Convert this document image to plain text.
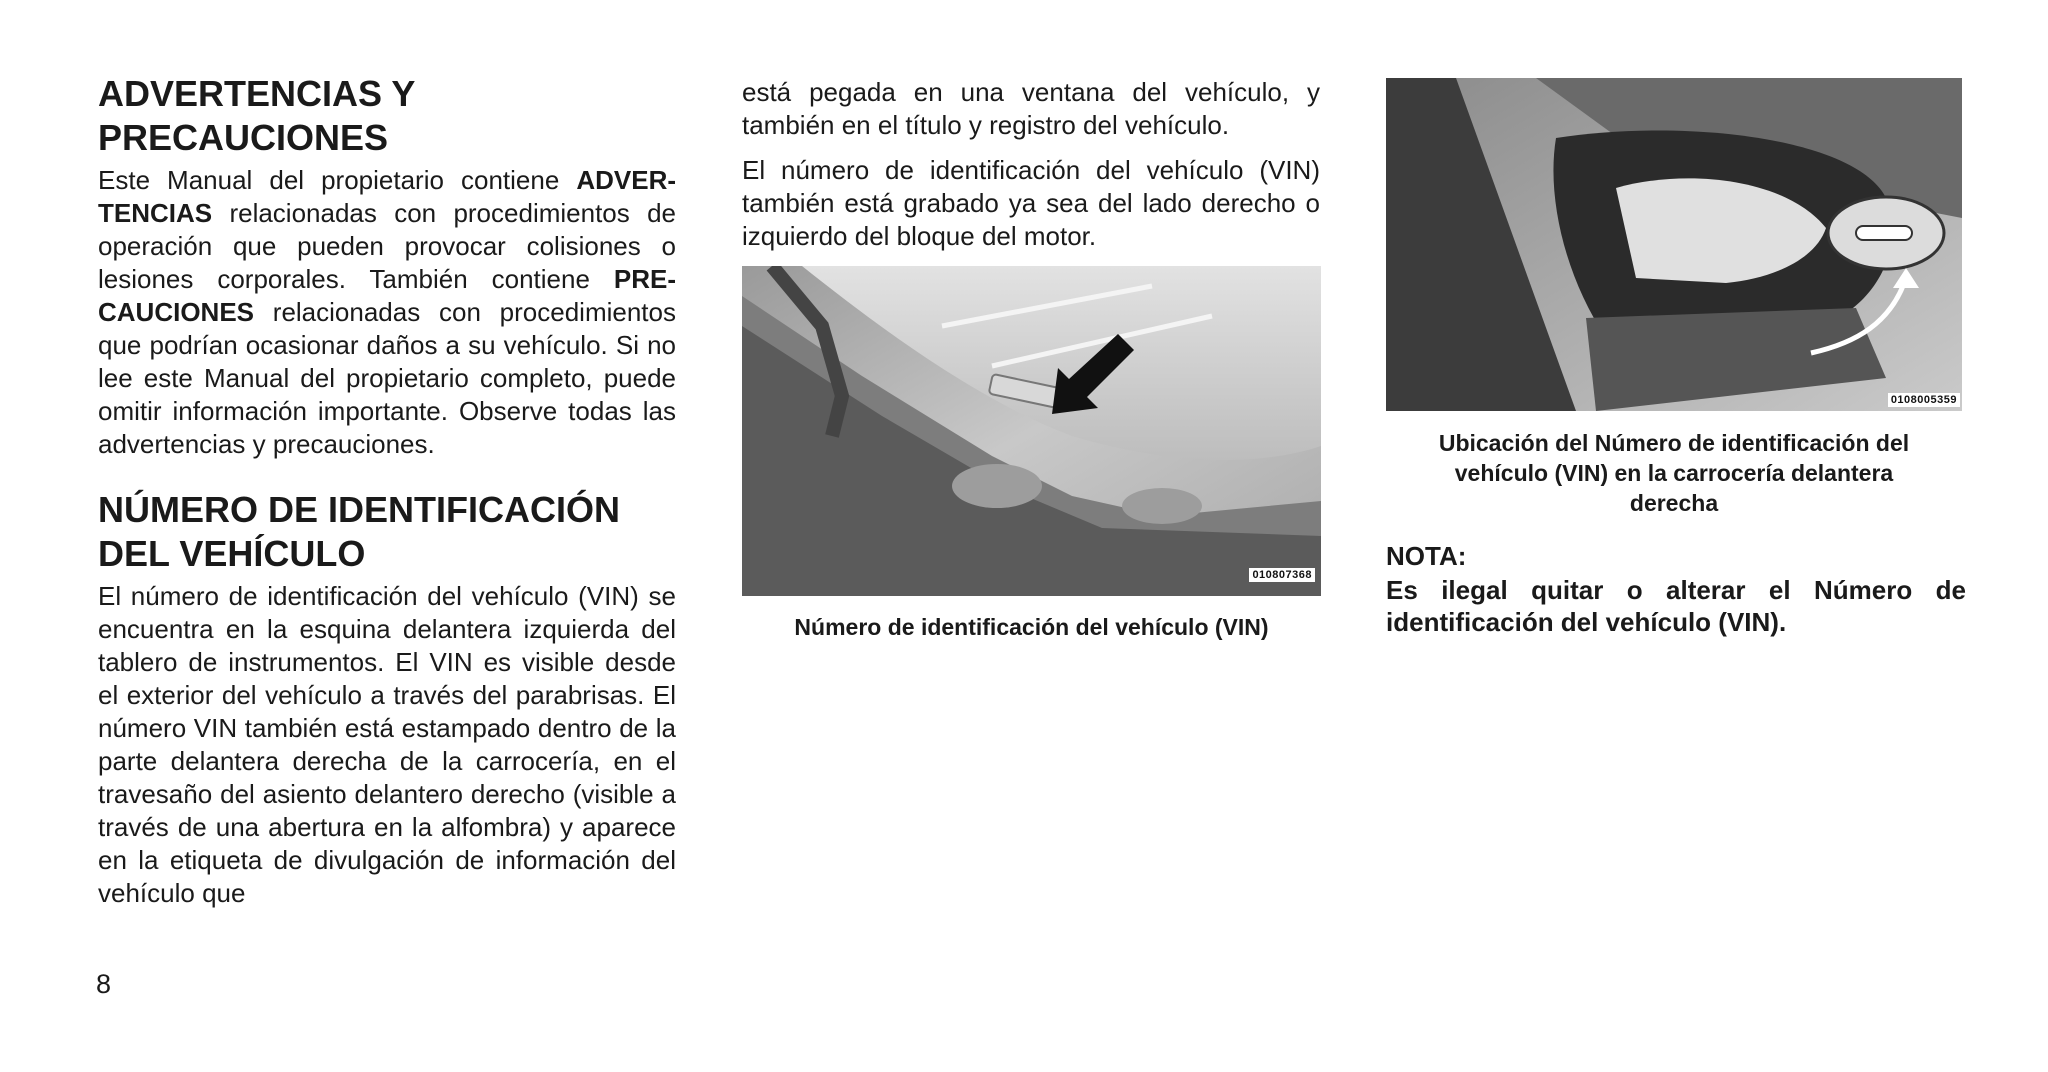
ADVERTENCIAS Y
PRECAUCIONES

Este Manual del propietario contiene ADVER-TENCIAS relacionadas con procedimientos de operación que pueden provocar colisiones o lesiones corporales. También contiene PRE-CAUCIONES relacionadas con procedimientos que podrían ocasionar daños a su vehículo. Si no lee este Manual del propietario completo, puede omitir información importante. Observe todas las advertencias y precauciones.

NÚMERO DE IDENTIFICACIÓN
DEL VEHÍCULO

El número de identificación del vehículo (VIN) se encuentra en la esquina delantera izquierda del tablero de instrumentos. El VIN es visible desde el exterior del vehículo a través del parabrisas. El número VIN también está estampado dentro de la parte delantera derecha de la carrocería, en el travesaño del asiento delantero derecho (visible a través de una abertura en la alfombra) y aparece en la etiqueta de divulgación de información del vehículo que

está pegada en una ventana del vehículo, y también en el título y registro del vehículo.

El número de identificación del vehículo (VIN) también está grabado ya sea del lado derecho o izquierdo del bloque del motor.

010807368
Número de identificación del vehículo (VIN)
0108005359
Ubicación del Número de identificación del
vehículo (VIN) en la carrocería delantera
derecha
NOTA:
Es ilegal quitar o alterar el Número de identificación del vehículo (VIN).
8
